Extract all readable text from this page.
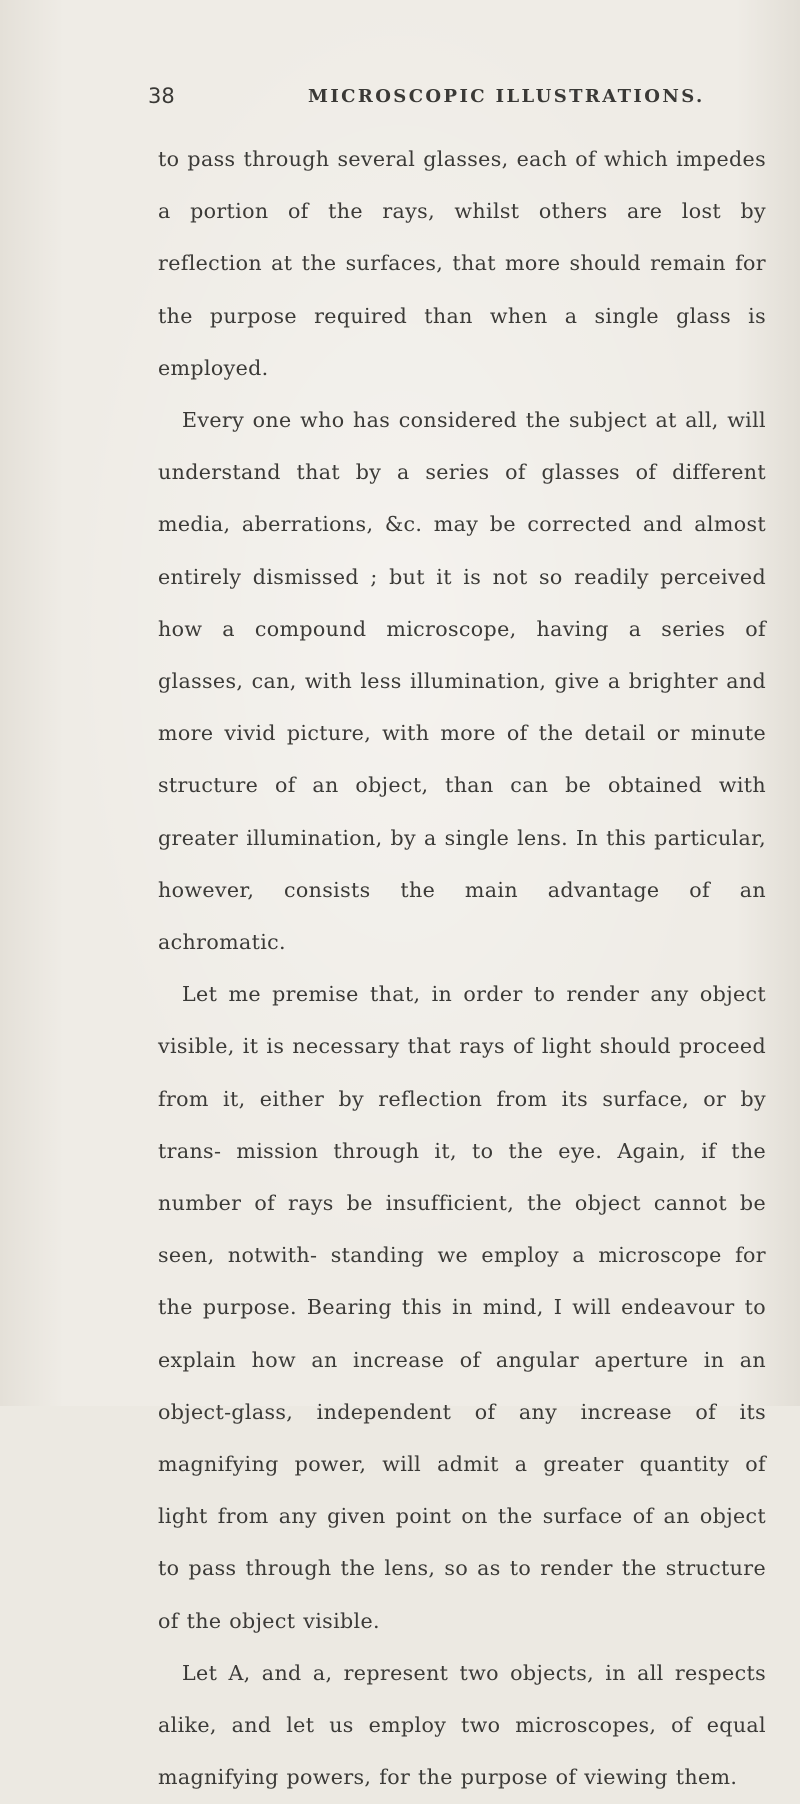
38	MICROSCOPIC ILLUSTRATIONS.

to pass through several glasses, each of which impedes a portion of the rays, whilst others are lost by reflection at the surfaces, that more should remain for the purpose required than when a single glass is employed.

Every one who has considered the subject at all, will understand that by a series of glasses of different media, aberrations, &c. may be corrected and almost entirely dismissed ; but it is not so readily perceived how a compound microscope, having a series of glasses, can, with less illumination, give a brighter and more vivid picture, with more of the detail or minute structure of an object, than can be obtained with greater illumination, by a single lens. In this particular, however, consists the main advantage of an achromatic.

Let me premise that, in order to render any object visible, it is necessary that rays of light should proceed from it, either by reflection from its surface, or by trans- mission through it, to the eye. Again, if the number of rays be insufficient, the object cannot be seen, notwith- standing we employ a microscope for the purpose. Bearing this in mind, I will endeavour to explain how an increase of angular aperture in an object-glass, independent of any increase of its magnifying power, will admit a greater quantity of light from any given point on the surface of an object to pass through the lens, so as to render the structure of the object visible.

Let A, and a, represent two objects, in all respects alike, and let us employ two microscopes, of equal magnifying powers, for the purpose of viewing them.
